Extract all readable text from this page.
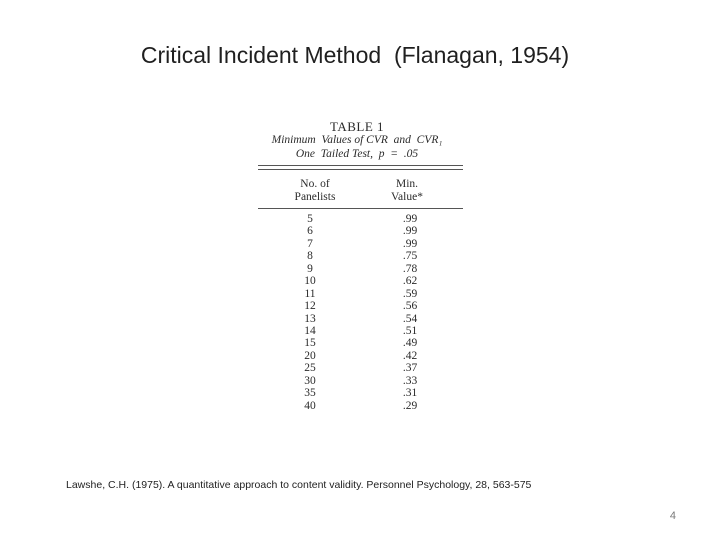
Critical Incident Method  (Flanagan, 1954)
TABLE 1
Minimum  Values of CVR  and  CVR₁
One  Tailed Test,  p  =  .05
No. of
Panelists
Min.
Value*
5	.99
6	.99
7	.99
8	.75
9	.78
10	.62
11	.59
12	.56
13	.54
14	.51
15	.49
20	.42
25	.37
30	.33
35	.31
40	.29
Lawshe, C.H. (1975). A quantitative approach to content validity. Personnel Psychology, 28, 563-575
4
